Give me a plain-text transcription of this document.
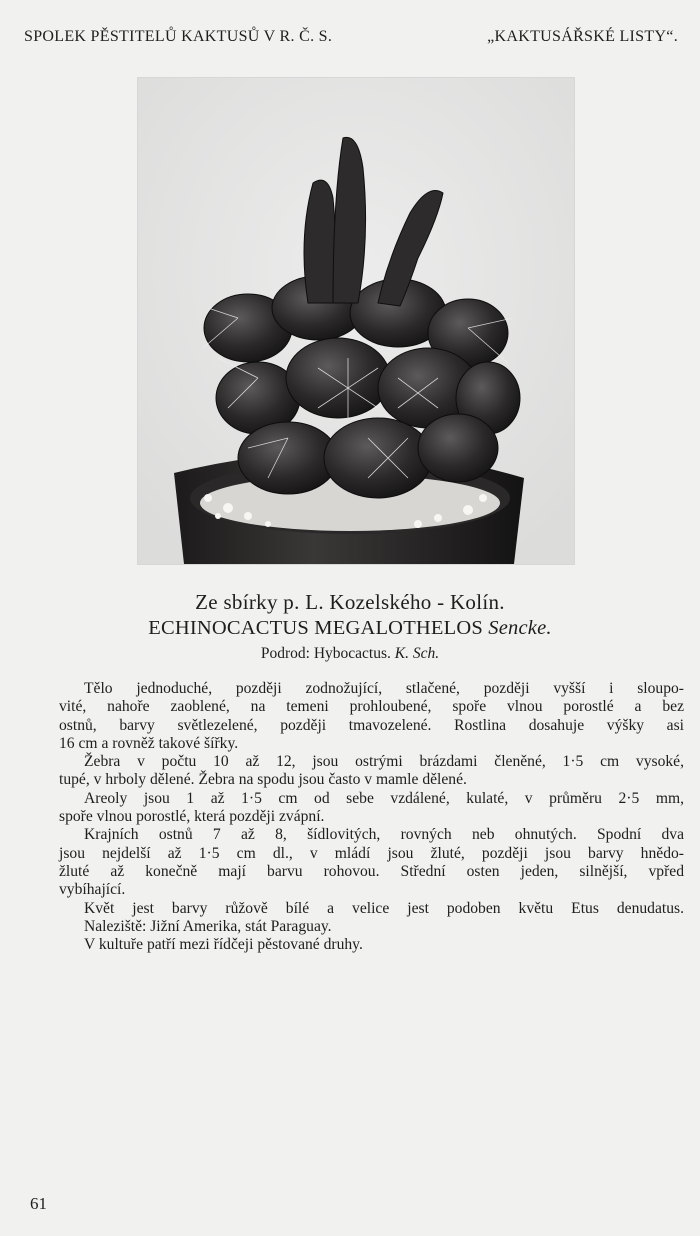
SPOLEK PĚSTITELŮ KAKTUSŮ V R. Č. S.	„KAKTUSÁŘSKÉ LISTY“.
Ze sbírky p. L. Kozelského - Kolín.
ECHINOCACTUS MEGALOTHELOS Sencke.
Podrod: Hybocactus. K. Sch.
Tělo jednoduché, později zodnožující, stlačené, později vyšší i sloupo-
vité, nahoře zaoblené, na temeni prohloubené, spoře vlnou porostlé a bez
ostnů, barvy světlezelené, později tmavozelené. Rostlina dosahuje výšky asi
16 cm a rovněž takové šířky.
Žebra v počtu 10 až 12, jsou ostrými brázdami členěné, 1·5 cm vysoké,
tupé, v hrboly dělené. Žebra na spodu jsou často v mamle dělené.
Areoly jsou 1 až 1·5 cm od sebe vzdálené, kulaté, v průměru 2·5 mm,
spoře vlnou porostlé, která později zvápní.
Krajních ostnů 7 až 8, šídlovitých, rovných neb ohnutých. Spodní dva
jsou nejdelší až 1·5 cm dl., v mládí jsou žluté, později jsou barvy hnědo-
žluté až konečně mají barvu rohovou. Střední osten jeden, silnější, vpřed
vybíhající.
Květ jest barvy růžově bílé a velice jest podoben květu Etus denudatus.
Naleziště: Jižní Amerika, stát Paraguay.
V kultuře patří mezi řídčeji pěstované druhy.
61
